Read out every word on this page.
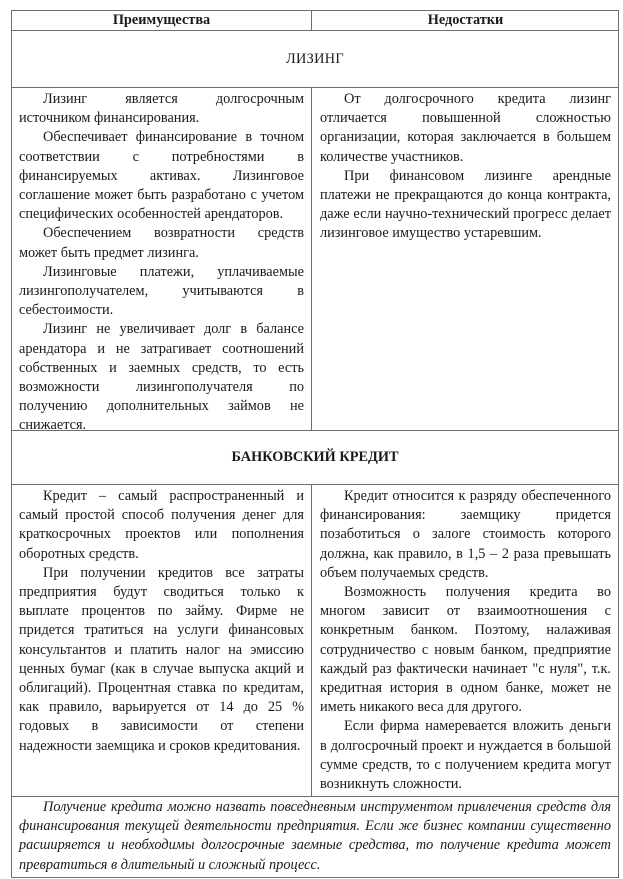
Преимущества	Недостатки
ЛИЗИНГ

Лизинг является долгосрочным источником финансирования.

Обеспечивает финансирование в точном соответствии с потребностями в финансируемых активах. Лизинговое соглашение может быть разработано с учетом специфических особенностей арендаторов.

Обеспечением возвратности средств может быть предмет лизинга.

Лизинговые платежи, уплачиваемые лизингополучателем, учитываются в себестоимости.

Лизинг не увеличивает долг в балансе арендатора и не затрагивает соотношений собственных и заемных средств, то есть возможности лизингополучателя по получению дополнительных займов не снижается.

От долгосрочного кредита лизинг отличается повышенной сложностью организации, которая заключается в большем количестве участников.

При финансовом лизинге арендные платежи не прекращаются до конца контракта, даже если научно-технический прогресс делает лизинговое имущество устаревшим.

БАНКОВСКИЙ КРЕДИТ

Кредит – самый распространенный и самый простой способ получения денег для краткосрочных проектов или пополнения оборотных средств.

При получении кредитов все затраты предприятия будут сводиться только к выплате процентов по займу. Фирме не придется тратиться на услуги финансовых консультантов и платить налог на эмиссию ценных бумаг (как в случае выпуска акций и облигаций). Процентная ставка по кредитам, как правило, варьируется от 14 до 25 % годовых в зависимости от степени надежности заемщика и сроков кредитования.

Кредит относится к разряду обеспеченного финансирования: заемщику придется позаботиться о залоге стоимость которого должна, как правило, в 1,5 – 2 раза превышать объем получаемых средств.

Возможность получения кредита во многом зависит от взаимоотношения с конкретным банком. Поэтому, налаживая сотрудничество с новым банком, предприятие каждый раз фактически начинает "с нуля", т.к. кредитная история в одном банке, может не иметь никакого веса для другого.

Если фирма намеревается вложить деньги в долгосрочный проект и нуждается в большой сумме средств, то с получением кредита могут возникнуть сложности.

Получение кредита можно назвать повседневным инструментом привлечения средств для финансирования текущей деятельности предприятия. Если же бизнес компании существенно расширяется и необходимы долгосрочные заемные средства, то получение кредита может превратиться в длительный и сложный процесс.
